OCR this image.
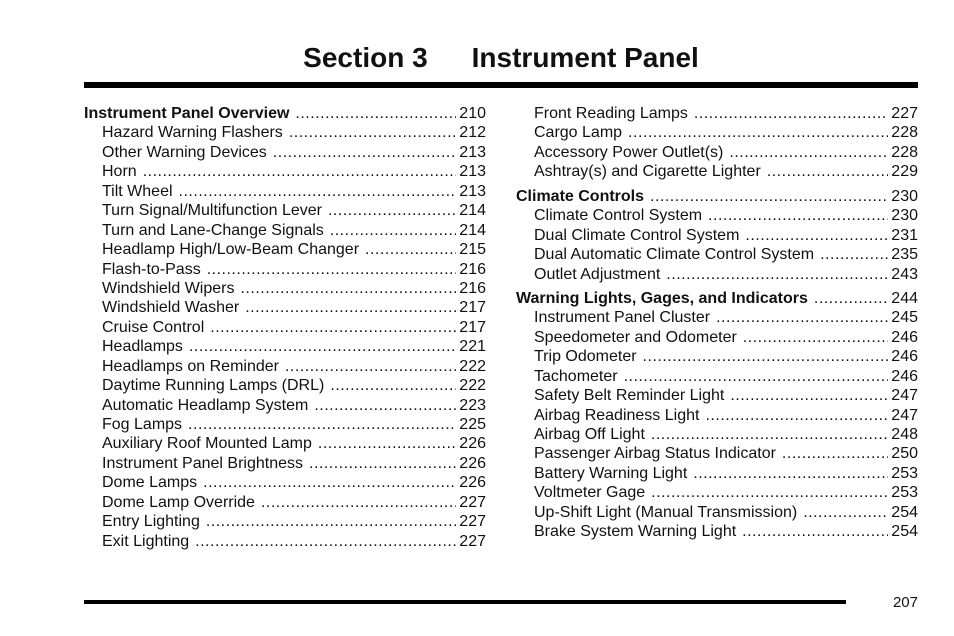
Section 3 Instrument Panel
Instrument Panel Overview .....	210
Hazard Warning Flashers .....	212
Other Warning Devices .....	213
Horn .....	213
Tilt Wheel .....	213
Turn Signal/Multifunction Lever .....	214
Turn and Lane-Change Signals .....	214
Headlamp High/Low-Beam Changer .....	215
Flash-to-Pass .....	216
Windshield Wipers .....	216
Windshield Washer .....	217
Cruise Control .....	217
Headlamps .....	221
Headlamps on Reminder .....	222
Daytime Running Lamps (DRL) .....	222
Automatic Headlamp System .....	223
Fog Lamps .....	225
Auxiliary Roof Mounted Lamp .....	226
Instrument Panel Brightness .....	226
Dome Lamps .....	226
Dome Lamp Override .....	227
Entry Lighting .....	227
Exit Lighting .....	227
Front Reading Lamps .....	227
Cargo Lamp .....	228
Accessory Power Outlet(s) .....	228
Ashtray(s) and Cigarette Lighter .....	229
Climate Controls .....	230
Climate Control System .....	230
Dual Climate Control System .....	231
Dual Automatic Climate Control System .....	235
Outlet Adjustment .....	243
Warning Lights, Gages, and Indicators .....	244
Instrument Panel Cluster .....	245
Speedometer and Odometer .....	246
Trip Odometer .....	246
Tachometer .....	246
Safety Belt Reminder Light .....	247
Airbag Readiness Light .....	247
Airbag Off Light .....	248
Passenger Airbag Status Indicator .....	250
Battery Warning Light .....	253
Voltmeter Gage .....	253
Up-Shift Light (Manual Transmission) .....	254
Brake System Warning Light .....	254
207
